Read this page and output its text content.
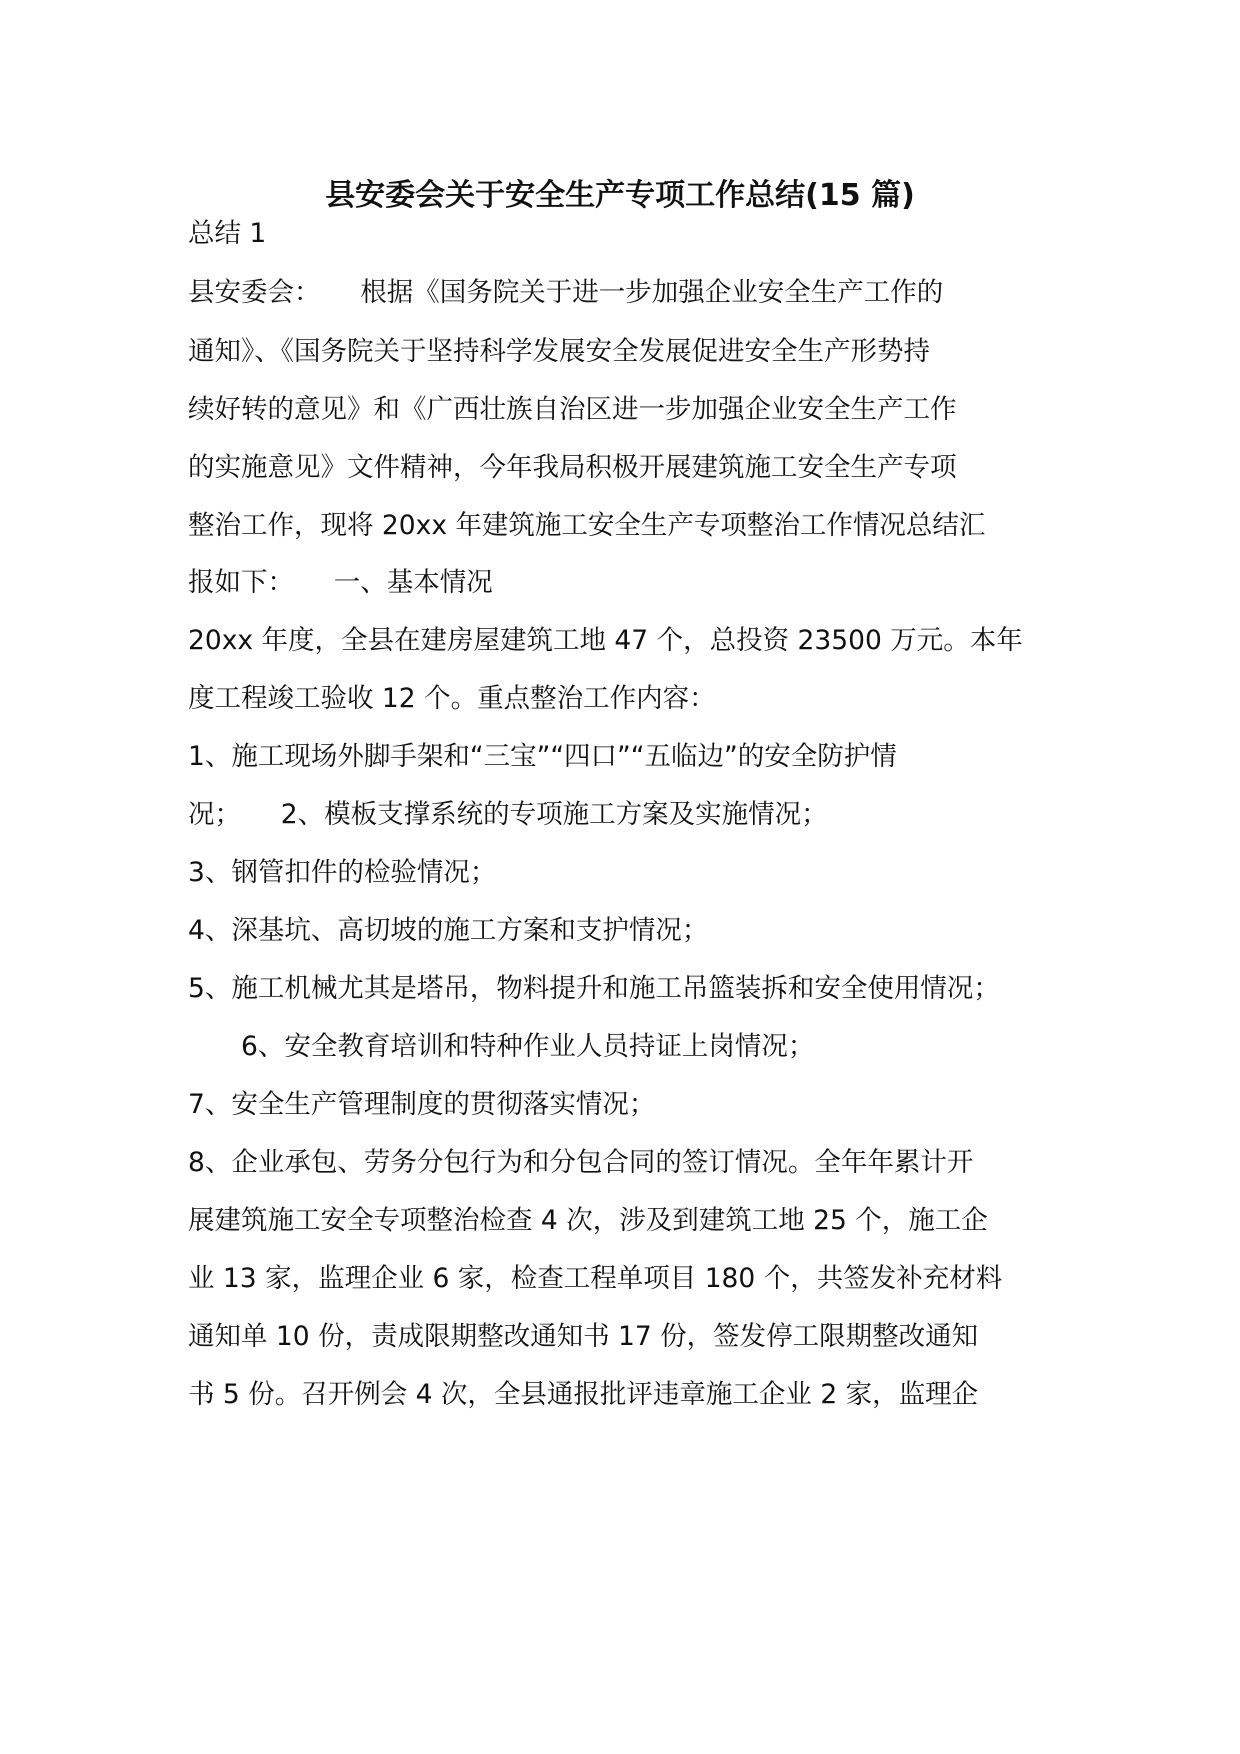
县安委会关于安全生产专项工作总结(15 篇)
总结 1
县安委会：　　根据《国务院关于进一步加强企业安全生产工作的
通知》、《国务院关于坚持科学发展安全发展促进安全生产形势持
续好转的意见》和《广西壮族自治区进一步加强企业安全生产工作
的实施意见》文件精神，今年我局积极开展建筑施工安全生产专项
整治工作，现将 20xx 年建筑施工安全生产专项整治工作情况总结汇
报如下：　　一、基本情况
20xx 年度，全县在建房屋建筑工地 47 个，总投资 23500 万元。本年
度工程竣工验收 12 个。重点整治工作内容：
1、施工现场外脚手架和“三宝”“四口”“五临边”的安全防护情
况；　　2、模板支撑系统的专项施工方案及实施情况；
3、钢管扣件的检验情况；
4、深基坑、高切坡的施工方案和支护情况；
5、施工机械尤其是塔吊，物料提升和施工吊篮装拆和安全使用情况；
　　6、安全教育培训和特种作业人员持证上岗情况；
7、安全生产管理制度的贯彻落实情况；
8、企业承包、劳务分包行为和分包合同的签订情况。全年年累计开
展建筑施工安全专项整治检查 4 次，涉及到建筑工地 25 个，施工企
业 13 家，监理企业 6 家，检查工程单项目 180 个，共签发补充材料
通知单 10 份，责成限期整改通知书 17 份，签发停工限期整改通知
书 5 份。召开例会 4 次，全县通报批评违章施工企业 2 家，监理企
